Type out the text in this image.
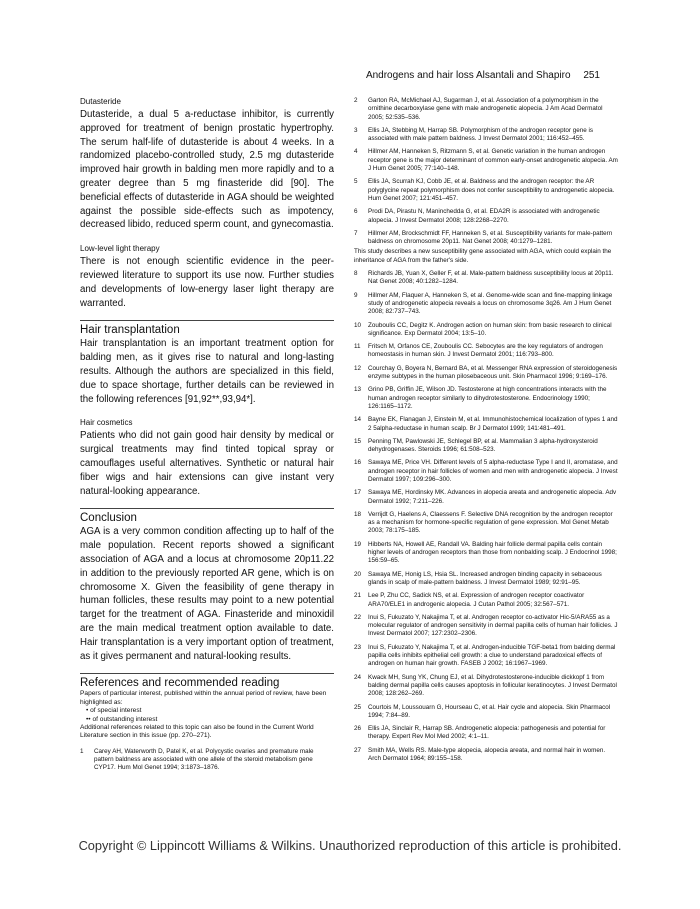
Androgens and hair loss Alsantali and Shapiro 251

Dutasteride

Dutasteride, a dual 5 a-reductase inhibitor, is currently approved for treatment of benign prostatic hypertrophy. The serum half-life of dutasteride is about 4 weeks. In a randomized placebo-controlled study, 2.5 mg dutasteride improved hair growth in balding men more rapidly and to a greater degree than 5 mg finasteride did [90]. The beneficial effects of dutasteride in AGA should be weighted against the possible side-effects such as impotency, decreased libido, reduced sperm count, and gynecomastia.

Low-level light therapy

There is not enough scientific evidence in the peer-reviewed literature to support its use now. Further studies and developments of low-energy laser light therapy are warranted.

Hair transplantation

Hair transplantation is an important treatment option for balding men, as it gives rise to natural and long-lasting results. Although the authors are specialized in this field, due to space shortage, further details can be reviewed in the following references [91,92**,93,94*].

Hair cosmetics

Patients who did not gain good hair density by medical or surgical treatments may find tinted topical spray or camouflages useful alternatives. Synthetic or natural hair fiber wigs and hair extensions can give instant very natural-looking appearance.

Conclusion

AGA is a very common condition affecting up to half of the male population. Recent reports showed a significant association of AGA and a locus at chromosome 20p11.22 in addition to the previously reported AR gene, which is on chromosome X. Given the feasibility of gene therapy in human follicles, these results may point to a new potential target for the treatment of AGA. Finasteride and minoxidil are the main medical treatment option available to date. Hair transplantation is a very important option of treatment, as it gives permanent and natural-looking results.

References and recommended reading

Papers of particular interest, published within the annual period of review, have been highlighted as:
• of special interest
•• of outstanding interest
Additional references related to this topic can also be found in the Current World Literature section in this issue (pp. 270–271).

1	Carey AH, Waterworth D, Patel K, et al. Polycystic ovaries and premature male pattern baldness are associated with one allele of the steroid metabolism gene CYP17. Hum Mol Genet 1994; 3:1873–1876.
2	Garton RA, McMichael AJ, Sugarman J, et al. Association of a polymorphism in the ornithine decarboxylase gene with male androgenetic alopecia. J Am Acad Dermatol 2005; 52:535–536.
3	Ellis JA, Stebbing M, Harrap SB. Polymorphism of the androgen receptor gene is associated with male pattern baldness. J Invest Dermatol 2001; 116:452–455.
4	Hillmer AM, Hanneken S, Ritzmann S, et al. Genetic variation in the human androgen receptor gene is the major determinant of common early-onset androgenetic alopecia. Am J Hum Genet 2005; 77:140–148.
5	Ellis JA, Scurrah KJ, Cobb JE, et al. Baldness and the androgen receptor: the AR polyglycine repeat polymorphism does not confer susceptibility to androgenetic alopecia. Hum Genet 2007; 121:451–457.
6	Prodi DA, Pirastu N, Maninchedda G, et al. EDA2R is associated with androgenetic alopecia. J Invest Dermatol 2008; 128:2268–2270.
7	Hillmer AM, Brockschmidt FF, Hanneken S, et al. Susceptibility variants for male-pattern baldness on chromosome 20p11. Nat Genet 2008; 40:1279–1281.
This study describes a new susceptibility gene associated with AGA, which could explain the inheritance of AGA from the father's side.
8	Richards JB, Yuan X, Geller F, et al. Male-pattern baldness susceptibility locus at 20p11. Nat Genet 2008; 40:1282–1284.
9	Hillmer AM, Flaquer A, Hanneken S, et al. Genome-wide scan and fine-mapping linkage study of androgenetic alopecia reveals a locus on chromosome 3q26. Am J Hum Genet 2008; 82:737–743.
10	Zouboulis CC, Degitz K. Androgen action on human skin: from basic research to clinical significance. Exp Dermatol 2004; 13:5–10.
11	Fritsch M, Orfanos CE, Zouboulis CC. Sebocytes are the key regulators of androgen homeostasis in human skin. J Invest Dermatol 2001; 116:793–800.
12	Courchay G, Boyera N, Bernard BA, et al. Messenger RNA expression of steroidogenesis enzyme subtypes in the human pilosebaceous unit. Skin Pharmacol 1996; 9:169–176.
13	Grino PB, Griffin JE, Wilson JD. Testosterone at high concentrations interacts with the human androgen receptor similarly to dihydrotestosterone. Endocrinology 1990; 126:1165–1172.
14	Bayne EK, Flanagan J, Einstein M, et al. Immunohistochemical localization of types 1 and 2 5alpha-reductase in human scalp. Br J Dermatol 1999; 141:481–491.
15	Penning TM, Pawlowski JE, Schlegel BP, et al. Mammalian 3 alpha-hydroxysteroid dehydrogenases. Steroids 1996; 61:508–523.
16	Sawaya ME, Price VH. Different levels of 5 alpha-reductase Type I and II, aromatase, and androgen receptor in hair follicles of women and men with androgenetic alopecia. J Invest Dermatol 1997; 109:296–300.
17	Sawaya ME, Hordinsky MK. Advances in alopecia areata and androgenetic alopecia. Adv Dermatol 1992; 7:211–226.
18	Verrijdt G, Haelens A, Claessens F. Selective DNA recognition by the androgen receptor as a mechanism for hormone-specific regulation of gene expression. Mol Genet Metab 2003; 78:175–185.
19	Hibberts NA, Howell AE, Randall VA. Balding hair follicle dermal papilla cells contain higher levels of androgen receptors than those from nonbalding scalp. J Endocrinol 1998; 156:59–65.
20	Sawaya ME, Honig LS, Hsia SL. Increased androgen binding capacity in sebaceous glands in scalp of male-pattern baldness. J Invest Dermatol 1989; 92:91–95.
21	Lee P, Zhu CC, Sadick NS, et al. Expression of androgen receptor coactivator ARA70/ELE1 in androgenic alopecia. J Cutan Pathol 2005; 32:567–571.
22	Inui S, Fukuzato Y, Nakajima T, et al. Androgen receptor co-activator Hic-5/ARA55 as a molecular regulator of androgen sensitivity in dermal papilla cells of human hair follicles. J Invest Dermatol 2007; 127:2302–2306.
23	Inui S, Fukuzato Y, Nakajima T, et al. Androgen-inducible TGF-beta1 from balding dermal papilla cells inhibits epithelial cell growth: a clue to understand paradoxical effects of androgen on human hair growth. FASEB J 2002; 16:1967–1969.
24	Kwack MH, Sung YK, Chung EJ, et al. Dihydrotestosterone-inducible dickkopf 1 from balding dermal papilla cells causes apoptosis in follicular keratinocytes. J Invest Dermatol 2008; 128:262–269.
25	Courtois M, Loussouarn G, Hourseau C, et al. Hair cycle and alopecia. Skin Pharmacol 1994; 7:84–89.
26	Ellis JA, Sinclair R, Harrap SB. Androgenetic alopecia: pathogenesis and potential for therapy. Expert Rev Mol Med 2002; 4:1–11.
27	Smith MA, Wells RS. Male-type alopecia, alopecia areata, and normal hair in women. Arch Dermatol 1964; 89:155–158.
Copyright © Lippincott Williams & Wilkins. Unauthorized reproduction of this article is prohibited.
